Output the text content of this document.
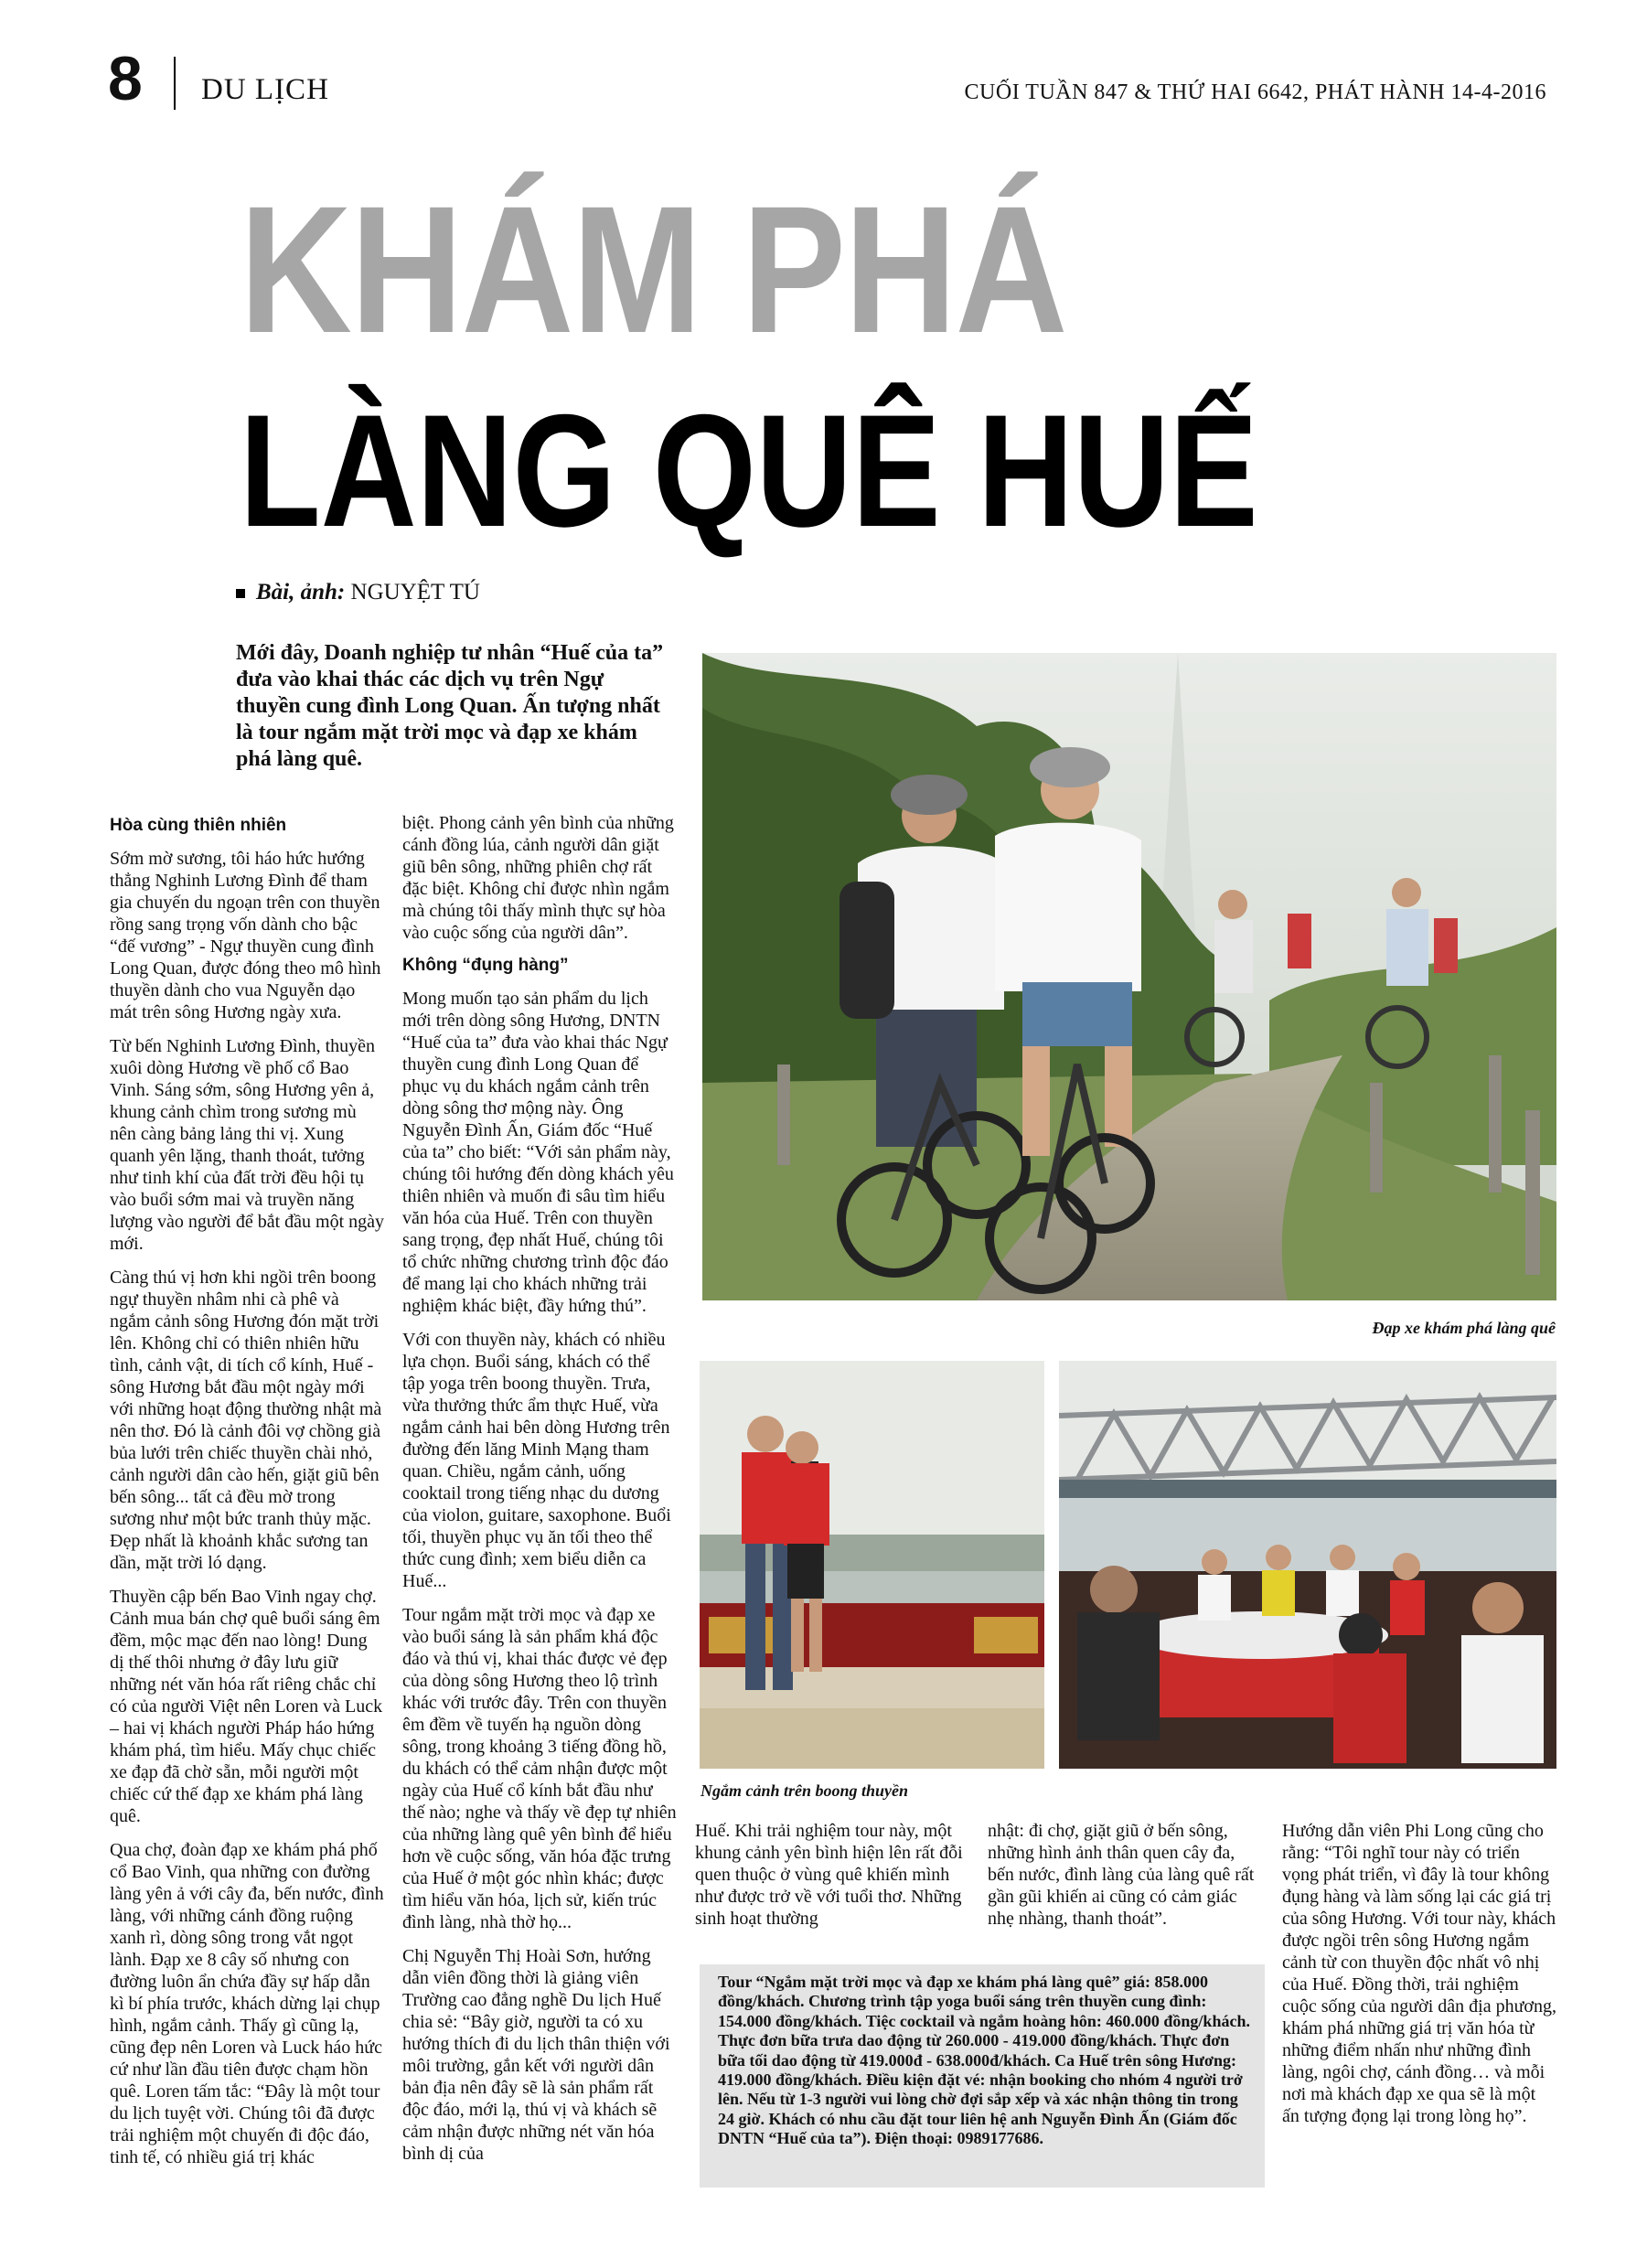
8 DU LỊCH	CUỐI TUẦN 847 & THỨ HAI 6642, PHÁT HÀNH 14-4-2016
KHÁM PHÁ
LÀNG QUÊ HUẾ
Bài, ảnh: NGUYỆT TÚ
Mới đây, Doanh nghiệp tư nhân “Huế của ta” đưa vào khai thác các dịch vụ trên Ngự thuyền cung đình Long Quan. Ấn tượng nhất là tour ngắm mặt trời mọc và đạp xe khám phá làng quê.
Đạp xe khám phá làng quê
Ngắm cảnh trên boong thuyền
Hòa cùng thiên nhiên

Sớm mờ sương, tôi háo hức hướng thẳng Nghinh Lương Đình để tham gia chuyến du ngoạn trên con thuyền rồng sang trọng vốn dành cho bậc “đế vương” - Ngự thuyền cung đình Long Quan, được đóng theo mô hình thuyền dành cho vua Nguyễn dạo mát trên sông Hương ngày xưa.

Từ bến Nghinh Lương Đình, thuyền xuôi dòng Hương về phố cổ Bao Vinh. Sáng sớm, sông Hương yên ả, khung cảnh chìm trong sương mù nên càng bảng lảng thi vị. Xung quanh yên lặng, thanh thoát, tưởng như tinh khí của đất trời đều hội tụ vào buổi sớm mai và truyền năng lượng vào người để bắt đầu một ngày mới.

Càng thú vị hơn khi ngồi trên boong ngự thuyền nhâm nhi cà phê và ngắm cảnh sông Hương đón mặt trời lên. Không chỉ có thiên nhiên hữu tình, cảnh vật, di tích cổ kính, Huế - sông Hương bắt đầu một ngày mới với những hoạt động thường nhật mà nên thơ. Đó là cảnh đôi vợ chồng già bủa lưới trên chiếc thuyền chài nhỏ, cảnh người dân cào hến, giặt giũ bên bến sông... tất cả đều mờ trong sương như một bức tranh thủy mặc. Đẹp nhất là khoảnh khắc sương tan dần, mặt trời ló dạng.

Thuyền cập bến Bao Vinh ngay chợ. Cảnh mua bán chợ quê buổi sáng êm đềm, mộc mạc đến nao lòng! Dung dị thế thôi nhưng ở đây lưu giữ những nét văn hóa rất riêng chắc chỉ có của người Việt nên Loren và Luck – hai vị khách người Pháp háo hứng khám phá, tìm hiểu. Mấy chục chiếc xe đạp đã chờ sẵn, mỗi người một chiếc cứ thế đạp xe khám phá làng quê.

Qua chợ, đoàn đạp xe khám phá phố cổ Bao Vinh, qua những con đường làng yên ả với cây đa, bến nước, đình làng, với những cánh đồng ruộng xanh rì, dòng sông trong vắt ngọt lành. Đạp xe 8 cây số nhưng con đường luôn ẩn chứa đầy sự hấp dẫn kì bí phía trước, khách dừng lại chụp hình, ngắm cảnh. Thấy gì cũng lạ, cũng đẹp nên Loren và Luck háo hức cứ như lần đầu tiên được chạm hồn quê. Loren tấm tắc: “Đây là một tour du lịch tuyệt vời. Chúng tôi đã được trải nghiệm một chuyến đi độc đáo, tinh tế, có nhiều giá trị khác

biệt. Phong cảnh yên bình của những cánh đồng lúa, cảnh người dân giặt giũ bên sông, những phiên chợ rất đặc biệt. Không chỉ được nhìn ngắm mà chúng tôi thấy mình thực sự hòa vào cuộc sống của người dân”.

Không “đụng hàng”

Mong muốn tạo sản phẩm du lịch mới trên dòng sông Hương, DNTN “Huế của ta” đưa vào khai thác Ngự thuyền cung đình Long Quan để phục vụ du khách ngắm cảnh trên dòng sông thơ mộng này. Ông Nguyễn Đình Ấn, Giám đốc “Huế của ta” cho biết: “Với sản phẩm này, chúng tôi hướng đến dòng khách yêu thiên nhiên và muốn đi sâu tìm hiểu văn hóa của Huế. Trên con thuyền sang trọng, đẹp nhất Huế, chúng tôi tổ chức những chương trình độc đáo để mang lại cho khách những trải nghiệm khác biệt, đầy hứng thú”.

Với con thuyền này, khách có nhiều lựa chọn. Buổi sáng, khách có thể tập yoga trên boong thuyền. Trưa, vừa thưởng thức ẩm thực Huế, vừa ngắm cảnh hai bên dòng Hương trên đường đến lăng Minh Mạng tham quan. Chiều, ngắm cảnh, uống cooktail trong tiếng nhạc du dương của violon, guitare, saxophone. Buổi tối, thuyền phục vụ ăn tối theo thể thức cung đình; xem biểu diễn ca Huế...

Tour ngắm mặt trời mọc và đạp xe vào buổi sáng là sản phẩm khá độc đáo và thú vị, khai thác được vẻ đẹp của dòng sông Hương theo lộ trình khác với trước đây. Trên con thuyền êm đềm về tuyến hạ nguồn dòng sông, trong khoảng 3 tiếng đồng hồ, du khách có thể cảm nhận được một ngày của Huế cổ kính bắt đầu như thế nào; nghe và thấy về đẹp tự nhiên của những làng quê yên bình để hiểu hơn về cuộc sống, văn hóa đặc trưng của Huế ở một góc nhìn khác; được tìm hiểu văn hóa, lịch sử, kiến trúc đình làng, nhà thờ họ...

Chị Nguyễn Thị Hoài Sơn, hướng dẫn viên đồng thời là giảng viên Trường cao đẳng nghề Du lịch Huế chia sẻ: “Bây giờ, người ta có xu hướng thích đi du lịch thân thiện với môi trường, gắn kết với người dân bản địa nên đây sẽ là sản phẩm rất độc đáo, mới lạ, thú vị và khách sẽ cảm nhận được những nét văn hóa bình dị của

Huế. Khi trải nghiệm tour này, một khung cảnh yên bình hiện lên rất đỗi quen thuộc ở vùng quê khiến mình như được trở về với tuổi thơ. Những sinh hoạt thường

nhật: đi chợ, giặt giũ ở bến sông, những hình ảnh thân quen cây đa, bến nước, đình làng của làng quê rất gần gũi khiến ai cũng có cảm giác nhẹ nhàng, thanh thoát”.

Hướng dẫn viên Phi Long cũng cho rằng: “Tôi nghĩ tour này có triển vọng phát triển, vì đây là tour không đụng hàng và làm sống lại các giá trị của sông Hương. Với tour này, khách được ngồi trên sông Hương ngắm cảnh từ con thuyền độc nhất vô nhị của Huế. Đồng thời, trải nghiệm cuộc sống của người dân địa phương, khám phá những giá trị văn hóa từ những điểm nhấn như những đình làng, ngôi chợ, cánh đồng… và mỗi nơi mà khách đạp xe qua sẽ là một ấn tượng đọng lại trong lòng họ”.

Tour “Ngắm mặt trời mọc và đạp xe khám phá làng quê” giá: 858.000 đồng/khách. Chương trình tập yoga buổi sáng trên thuyền cung đình: 154.000 đồng/khách. Tiệc cocktail và ngắm hoàng hôn: 460.000 đồng/khách. Thực đơn bữa trưa dao động từ 260.000 - 419.000 đồng/khách. Thực đơn bữa tối dao động từ 419.000đ - 638.000đ/khách. Ca Huế trên sông Hương: 419.000 đồng/khách. Điều kiện đặt vé: nhận booking cho nhóm 4 người trở lên. Nếu từ 1-3 người vui lòng chờ đợi sắp xếp và xác nhận thông tin trong 24 giờ. Khách có nhu cầu đặt tour liên hệ anh Nguyễn Đình Ấn (Giám đốc DNTN “Huế của ta”). Điện thoại: 0989177686.
